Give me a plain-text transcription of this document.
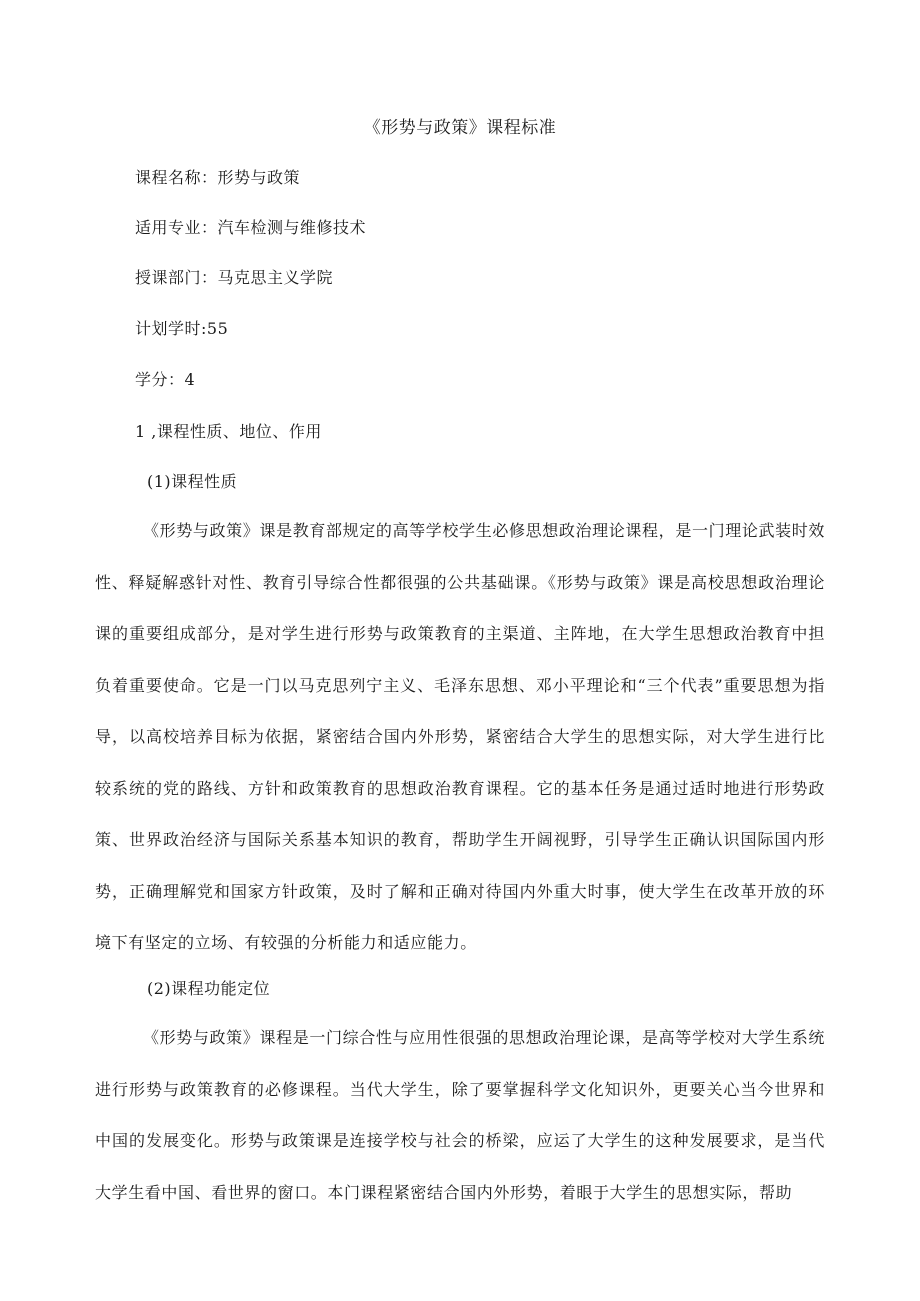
《形势与政策》课程标准
课程名称：形势与政策
适用专业：汽车检测与维修技术
授课部门：马克思主义学院
计划学时:55
学分：4
1 ,课程性质、地位、作用
(1)课程性质

《形势与政策》课是教育部规定的高等学校学生必修思想政治理论课程，是一门理论武装时效性、释疑解惑针对性、教育引导综合性都很强的公共基础课。《形势与政策》课是高校思想政治理论课的重要组成部分，是对学生进行形势与政策教育的主渠道、主阵地，在大学生思想政治教育中担负着重要使命。它是一门以马克思列宁主义、毛泽东思想、邓小平理论和“三个代表”重要思想为指导，以高校培养目标为依据，紧密结合国内外形势，紧密结合大学生的思想实际，对大学生进行比较系统的党的路线、方针和政策教育的思想政治教育课程。它的基本任务是通过适时地进行形势政策、世界政治经济与国际关系基本知识的教育，帮助学生开阔视野，引导学生正确认识国际国内形势，正确理解党和国家方针政策，及时了解和正确对待国内外重大时事，使大学生在改革开放的环境下有坚定的立场、有较强的分析能力和适应能力。

(2)课程功能定位

《形势与政策》课程是一门综合性与应用性很强的思想政治理论课，是高等学校对大学生系统进行形势与政策教育的必修课程。当代大学生，除了要掌握科学文化知识外，更要关心当今世界和中国的发展变化。形势与政策课是连接学校与社会的桥梁，应运了大学生的这种发展要求，是当代大学生看中国、看世界的窗口。本门课程紧密结合国内外形势，着眼于大学生的思想实际，帮助
